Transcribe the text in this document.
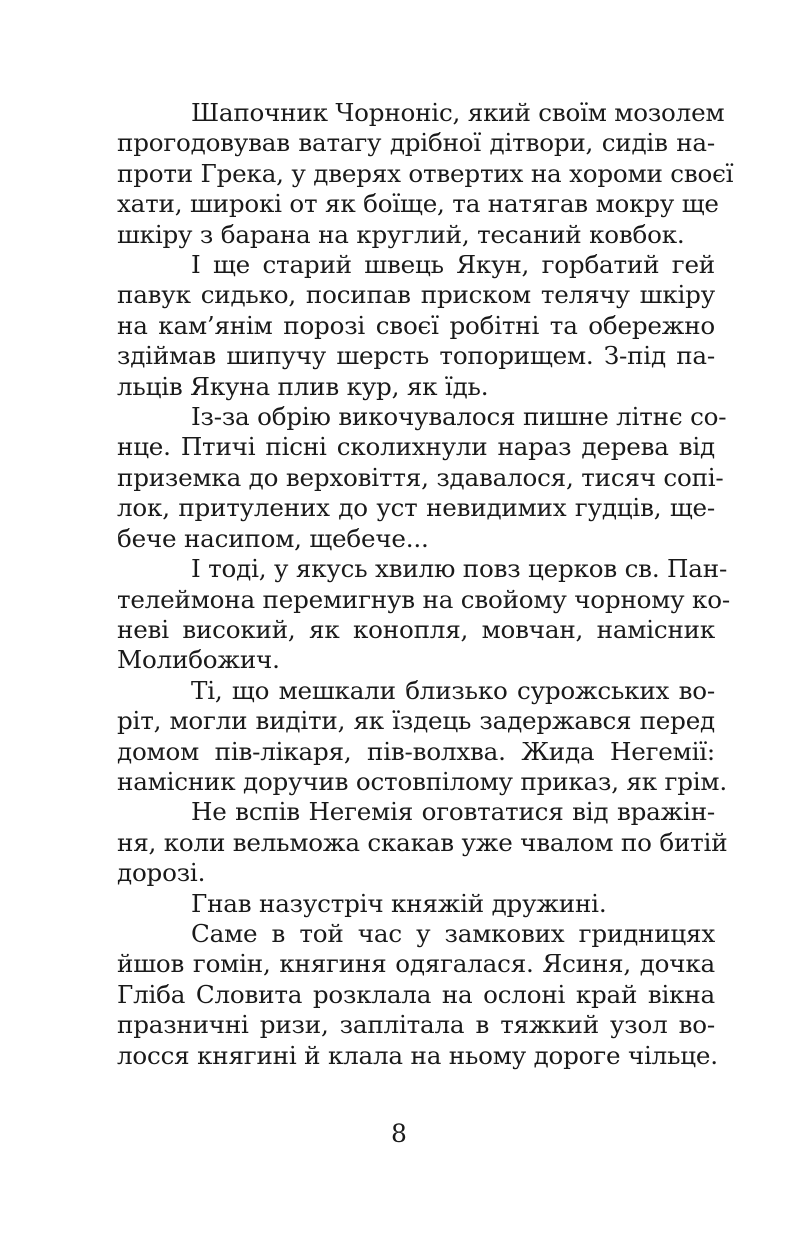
Шапочник Чорноніс, який своїм мозолем
прогодовував ватагу дрібної дітвори, сидів на-
проти Грека, у дверях отвертих на хороми своєї
хати, широкі от як боїще, та натягав мокру ще
шкіру з барана на круглий, тесаний ковбок.
І ще старий швець Якун, горбатий гей
павук сидько, посипав приском телячу шкіру
на кам’янім порозі своєї робітні та обережно
здіймав шипучу шерсть топорищем. З-під па-
льців Якуна плив кур, як їдь.
Із-за обрію викочувалося пишне літнє со-
нце. Птичі пісні сколихнули нараз дерева від
приземка до верховіття, здавалося, тисяч сопі-
лок, притулених до уст невидимих гудців, ще-
бече насипом, щебече...
І тоді, у якусь хвилю повз церков св. Пан-
телеймона перемигнув на свойому чорному ко-
неві високий, як конопля, мовчан, намісник
Молибожич.
Ті, що мешкали близько сурожських во-
ріт, могли видіти, як їздець задержався перед
домом пів-лікаря, пів-волхва. Жида Негемії:
намісник доручив остовпілому приказ, як грім.
Не вспів Негемія оговтатися від вражін-
ня, коли вельможа скакав уже чвалом по битій
дорозі.
Гнав назустріч княжій дружині.
Саме в той час у замкових гридницях
йшов гомін, княгиня одягалася. Ясиня, дочка
Гліба Словита розклала на ослоні край вікна
празничні ризи, заплітала в тяжкий узол во-
лосся княгині й клала на ньому дороге чільце.
8
